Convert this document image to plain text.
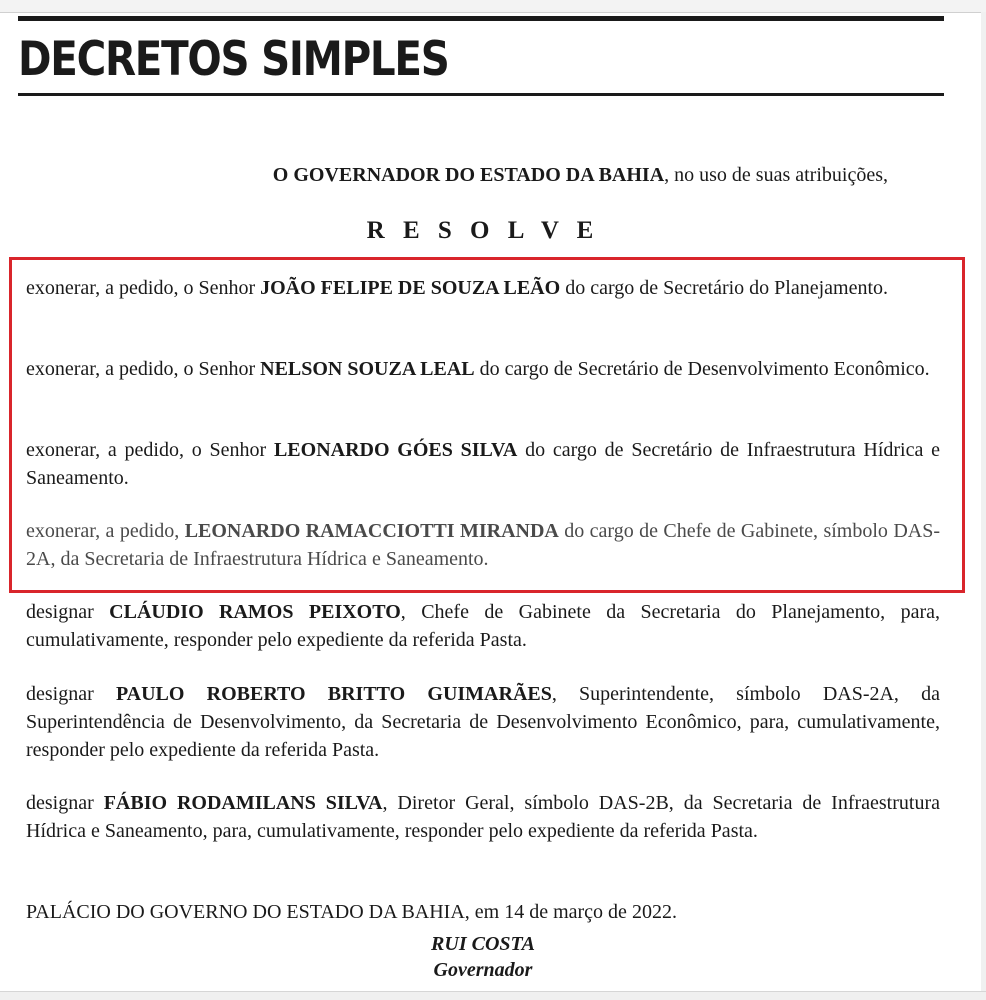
DECRETOS SIMPLES
O GOVERNADOR DO ESTADO DA BAHIA, no uso de suas atribuições,
R E S O L V E

exonerar, a pedido, o Senhor JOÃO FELIPE DE SOUZA LEÃO do cargo de Secretário do Planejamento.

exonerar, a pedido, o Senhor NELSON SOUZA LEAL do cargo de Secretário de Desenvolvimento Econômico.

exonerar, a pedido, o Senhor LEONARDO GÓES SILVA do cargo de Secretário de Infraestrutura Hídrica e Saneamento.

exonerar, a pedido, LEONARDO RAMACCIOTTI MIRANDA do cargo de Chefe de Gabinete, símbolo DAS-2A, da Secretaria de Infraestrutura Hídrica e Saneamento.

designar CLÁUDIO RAMOS PEIXOTO, Chefe de Gabinete da Secretaria do Planejamento, para, cumulativamente, responder pelo expediente da referida Pasta.

designar PAULO ROBERTO BRITTO GUIMARÃES, Superintendente, símbolo DAS-2A, da Superintendência de Desenvolvimento, da Secretaria de Desenvolvimento Econômico, para, cumulativamente, responder pelo expediente da referida Pasta.

designar FÁBIO RODAMILANS SILVA, Diretor Geral, símbolo DAS-2B, da Secretaria de Infraestrutura Hídrica e Saneamento, para, cumulativamente, responder pelo expediente da referida Pasta.

PALÁCIO DO GOVERNO DO ESTADO DA BAHIA, em 14 de março de 2022.

RUI COSTA
Governador
